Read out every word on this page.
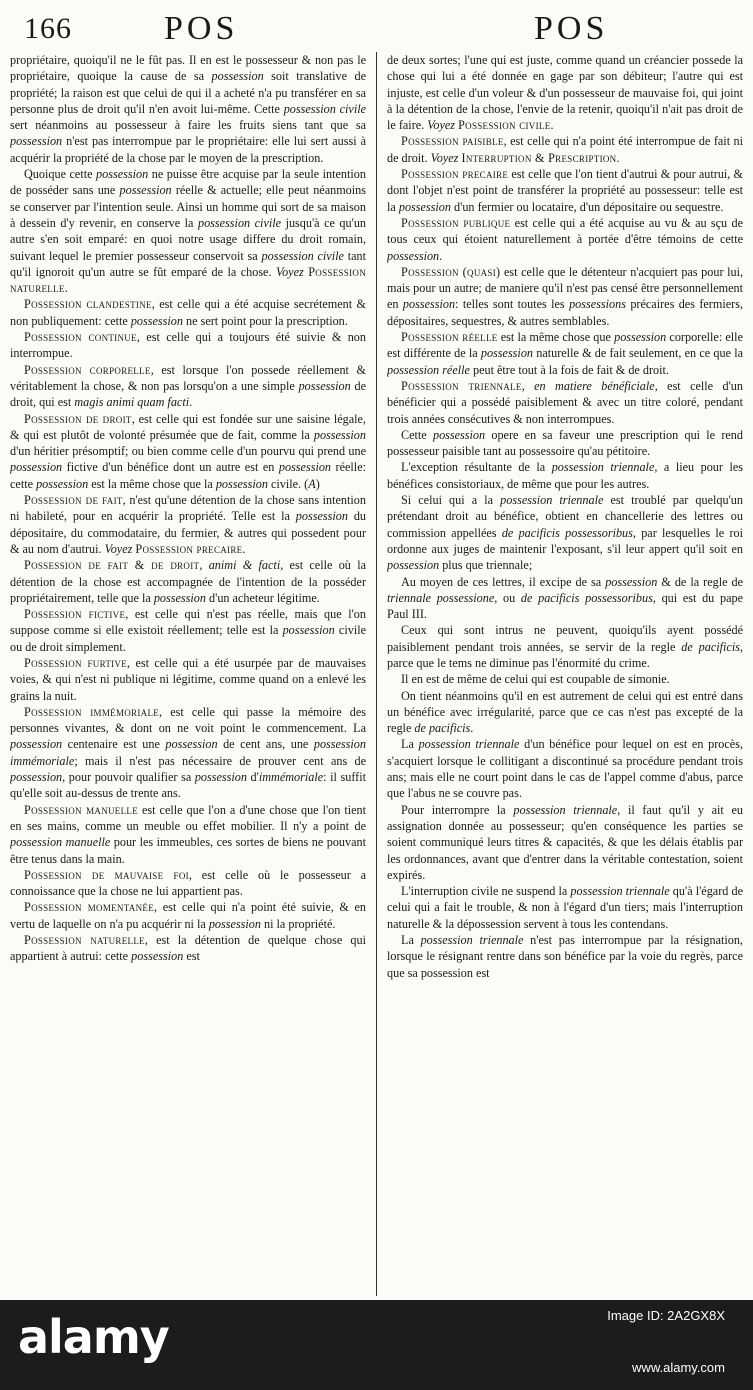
166	POS	POS

propriétaire, quoiqu'il ne le fût pas. Il en est le possesseur & non pas le propriétaire, quoique la cause de sa possession soit translative de propriété; la raison est que celui de qui il a acheté n'a pu transférer en sa personne plus de droit qu'il n'en avoit lui-même. Cette possession civile sert néanmoins au possesseur à faire les fruits siens tant que sa possession n'est pas interrompue par le propriétaire: elle lui sert aussi à acquérir la propriété de la chose par le moyen de la prescription.

Quoique cette possession ne puisse être acquise par la seule intention de posséder sans une possession réelle & actuelle; elle peut néanmoins se conserver par l'intention seule. Ainsi un homme qui sort de sa maison à dessein d'y revenir, en conserve la possession civile jusqu'à ce qu'un autre s'en soit emparé: en quoi notre usage differe du droit romain, suivant lequel le premier possesseur conservoit sa possession civile tant qu'il ignoroit qu'un autre se fût emparé de la chose. Voyez Possession naturelle.

Possession clandestine, est celle qui a été acquise secrétement & non publiquement: cette possession ne sert point pour la prescription.

Possession continue, est celle qui a toujours été suivie & non interrompue.

Possession corporelle, est lorsque l'on possede réellement & véritablement la chose, & non pas lorsqu'on a une simple possession de droit, qui est magis animi quam facti.

Possession de droit, est celle qui est fondée sur une saisine légale, & qui est plutôt de volonté présumée que de fait, comme la possession d'un héritier présomptif; ou bien comme celle d'un pourvu qui prend une possession fictive d'un bénéfice dont un autre est en possession réelle: cette possession est la même chose que la possession civile. (A)

Possession de fait, n'est qu'une détention de la chose sans intention ni habileté, pour en acquérir la propriété. Telle est la possession du dépositaire, du commodataire, du fermier, & autres qui possedent pour & au nom d'autrui. Voyez Possession precaire.

Possession de fait & de droit, animi & facti, est celle où la détention de la chose est accompagnée de l'intention de la posséder propriétairement, telle que la possession d'un acheteur légitime.

Possession fictive, est celle qui n'est pas réelle, mais que l'on suppose comme si elle existoit réellement; telle est la possession civile ou de droit simplement.

Possession furtive, est celle qui a été usurpée par de mauvaises voies, & qui n'est ni publique ni légitime, comme quand on a enlevé les grains la nuit.

Possession immémoriale, est celle qui passe la mémoire des personnes vivantes, & dont on ne voit point le commencement. La possession centenaire est une possession de cent ans, une possession immémoriale; mais il n'est pas nécessaire de prouver cent ans de possession, pour pouvoir qualifier sa possession d'immémoriale: il suffit qu'elle soit au-dessus de trente ans.

Possession manuelle est celle que l'on a d'une chose que l'on tient en ses mains, comme un meuble ou effet mobilier. Il n'y a point de possession manuelle pour les immeubles, ces sortes de biens ne pouvant être tenus dans la main.

Possession de mauvaise foi, est celle où le possesseur a connoissance que la chose ne lui appartient pas.

Possession momentanée, est celle qui n'a point été suivie, & en vertu de laquelle on n'a pu acquérir ni la possession ni la propriété.

Possession naturelle, est la détention de quelque chose qui appartient à autrui: cette possession est

de deux sortes; l'une qui est juste, comme quand un créancier possede la chose qui lui a été donnée en gage par son débiteur; l'autre qui est injuste, est celle d'un voleur & d'un possesseur de mauvaise foi, qui joint à la détention de la chose, l'envie de la retenir, quoiqu'il n'ait pas droit de le faire. Voyez Possession civile.

Possession paisible, est celle qui n'a point été interrompue de fait ni de droit. Voyez Interruption & Prescription.

Possession precaire est celle que l'on tient d'autrui & pour autrui, & dont l'objet n'est point de transférer la propriété au possesseur: telle est la possession d'un fermier ou locataire, d'un dépositaire ou sequestre.

Possession publique est celle qui a été acquise au vu & au sçu de tous ceux qui étoient naturellement à portée d'être témoins de cette possession.

Possession (quasi) est celle que le détenteur n'acquiert pas pour lui, mais pour un autre; de maniere qu'il n'est pas censé être personnellement en possession: telles sont toutes les possessions précaires des fermiers, dépositaires, sequestres, & autres semblables.

Possession réelle est la même chose que possession corporelle: elle est différente de la possession naturelle & de fait seulement, en ce que la possession réelle peut être tout à la fois de fait & de droit.

Possession triennale, en matiere bénéficiale, est celle d'un bénéficier qui a possédé paisiblement & avec un titre coloré, pendant trois années consécutives & non interrompues.

Cette possession opere en sa faveur une prescription qui le rend possesseur paisible tant au possessoire qu'au pétitoire.

L'exception résultante de la possession triennale, a lieu pour les bénéfices consistoriaux, de même que pour les autres.

Si celui qui a la possession triennale est troublé par quelqu'un prétendant droit au bénéfice, obtient en chancellerie des lettres ou commission appellées de pacificis possessoribus, par lesquelles le roi ordonne aux juges de maintenir l'exposant, s'il leur appert qu'il soit en possession plus que triennale;

Au moyen de ces lettres, il excipe de sa possession & de la regle de triennale possessione, ou de pacificis possessoribus, qui est du pape Paul III.

Ceux qui sont intrus ne peuvent, quoiqu'ils ayent possédé paisiblement pendant trois années, se servir de la regle de pacificis, parce que le tems ne diminue pas l'énormité du crime.

Il en est de même de celui qui est coupable de simonie.

On tient néanmoins qu'il en est autrement de celui qui est entré dans un bénéfice avec irrégularité, parce que ce cas n'est pas excepté de la regle de pacificis.

La possession triennale d'un bénéfice pour lequel on est en procès, s'acquiert lorsque le collitigant a discontinué sa procédure pendant trois ans; mais elle ne court point dans le cas de l'appel comme d'abus, parce que l'abus ne se couvre pas.

Pour interrompre la possession triennale, il faut qu'il y ait eu assignation donnée au possesseur; qu'en conséquence les parties se soient communiqué leurs titres & capacités, & que les délais établis par les ordonnances, avant que d'entrer dans la véritable contestation, soient expirés.

L'interruption civile ne suspend la possession triennale qu'à l'égard de celui qui a fait le trouble, & non à l'égard d'un tiers; mais l'interruption naturelle & la dépossession servent à tous les contendans.

La possession triennale n'est pas interrompue par la résignation, lorsque le résignant rentre dans son bénéfice par la voie du regrès, parce que sa possession est

alamy	Image ID: 2A2GX8X
www.alamy.com
